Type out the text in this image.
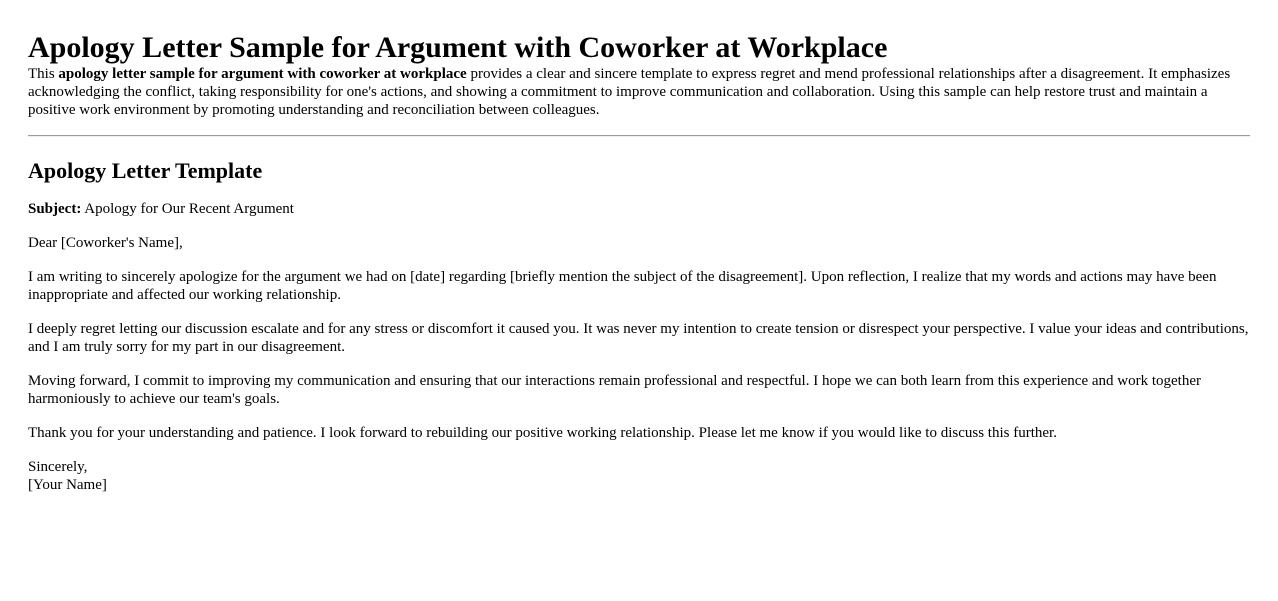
Apology Letter Sample for Argument with Coworker at Workplace

This apology letter sample for argument with coworker at workplace provides a clear and sincere template to express regret and mend professional relationships after a disagreement. It emphasizes acknowledging the conflict, taking responsibility for one's actions, and showing a commitment to improve communication and collaboration. Using this sample can help restore trust and maintain a positive work environment by promoting understanding and reconciliation between colleagues.

Apology Letter Template

Subject: Apology for Our Recent Argument

Dear [Coworker's Name],

I am writing to sincerely apologize for the argument we had on [date] regarding [briefly mention the subject of the disagreement]. Upon reflection, I realize that my words and actions may have been inappropriate and affected our working relationship.

I deeply regret letting our discussion escalate and for any stress or discomfort it caused you. It was never my intention to create tension or disrespect your perspective. I value your ideas and contributions, and I am truly sorry for my part in our disagreement.

Moving forward, I commit to improving my communication and ensuring that our interactions remain professional and respectful. I hope we can both learn from this experience and work together harmoniously to achieve our team's goals.

Thank you for your understanding and patience. I look forward to rebuilding our positive working relationship. Please let me know if you would like to discuss this further.

Sincerely,
[Your Name]
